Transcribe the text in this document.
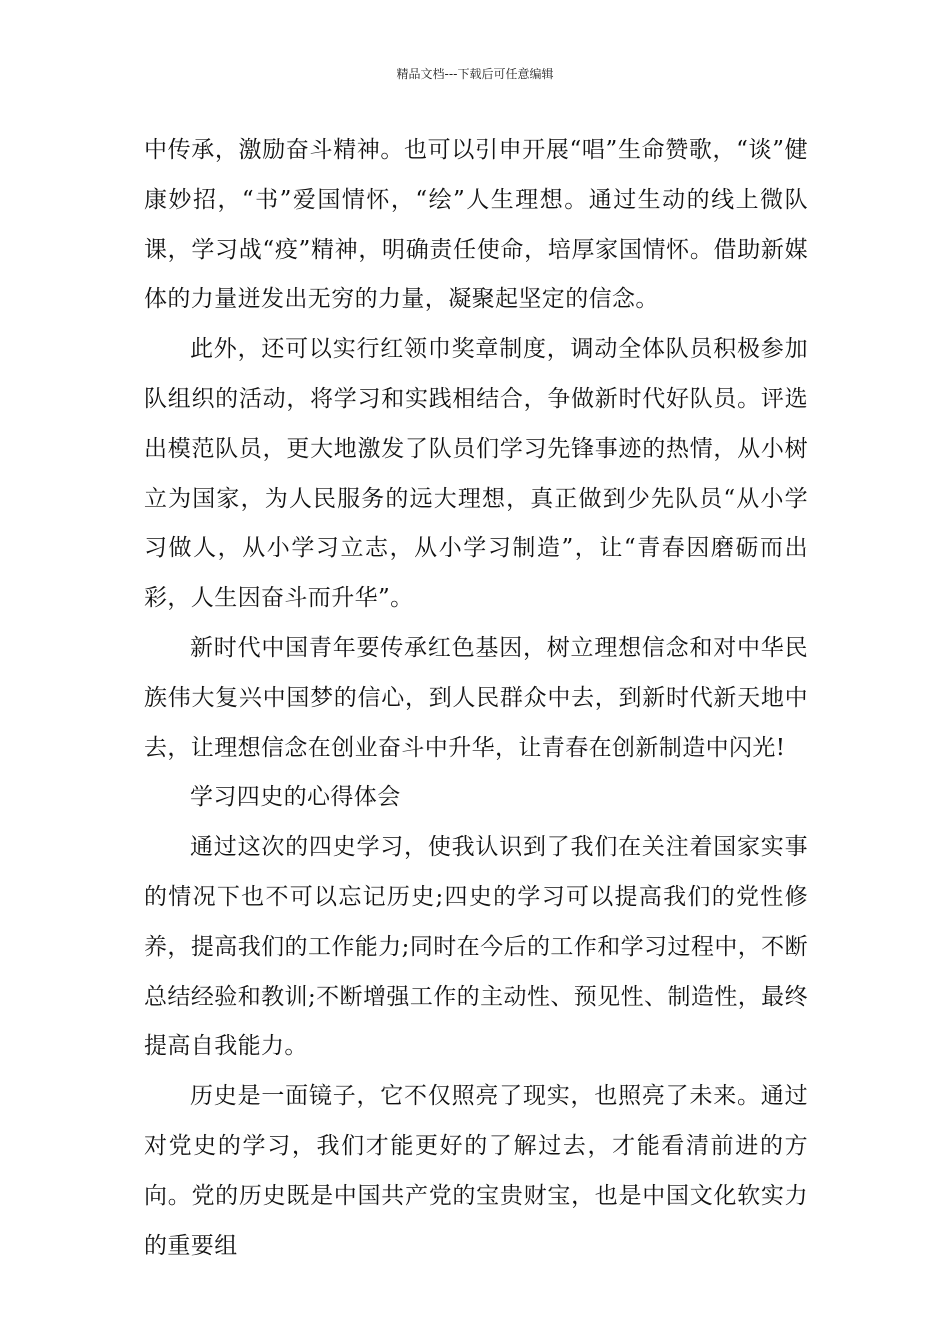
精品文档---下载后可任意编辑

中传承，激励奋斗精神。也可以引申开展“唱”生命赞歌，“谈”健康妙招，“书”爱国情怀，“绘”人生理想。通过生动的线上微队课，学习战“疫”精神，明确责任使命，培厚家国情怀。借助新媒体的力量迸发出无穷的力量，凝聚起坚定的信念。

此外，还可以实行红领巾奖章制度，调动全体队员积极参加队组织的活动，将学习和实践相结合，争做新时代好队员。评选出模范队员，更大地激发了队员们学习先锋事迹的热情，从小树立为国家，为人民服务的远大理想，真正做到少先队员“从小学习做人，从小学习立志，从小学习制造”，让“青春因磨砺而出彩，人生因奋斗而升华”。

新时代中国青年要传承红色基因，树立理想信念和对中华民族伟大复兴中国梦的信心，到人民群众中去，到新时代新天地中去，让理想信念在创业奋斗中升华，让青春在创新制造中闪光!

学习四史的心得体会

通过这次的四史学习，使我认识到了我们在关注着国家实事的情况下也不可以忘记历史;四史的学习可以提高我们的党性修养，提高我们的工作能力;同时在今后的工作和学习过程中，不断总结经验和教训;不断增强工作的主动性、预见性、制造性，最终提高自我能力。

历史是一面镜子，它不仅照亮了现实，也照亮了未来。通过对党史的学习，我们才能更好的了解过去，才能看清前进的方向。党的历史既是中国共产党的宝贵财宝，也是中国文化软实力的重要组
